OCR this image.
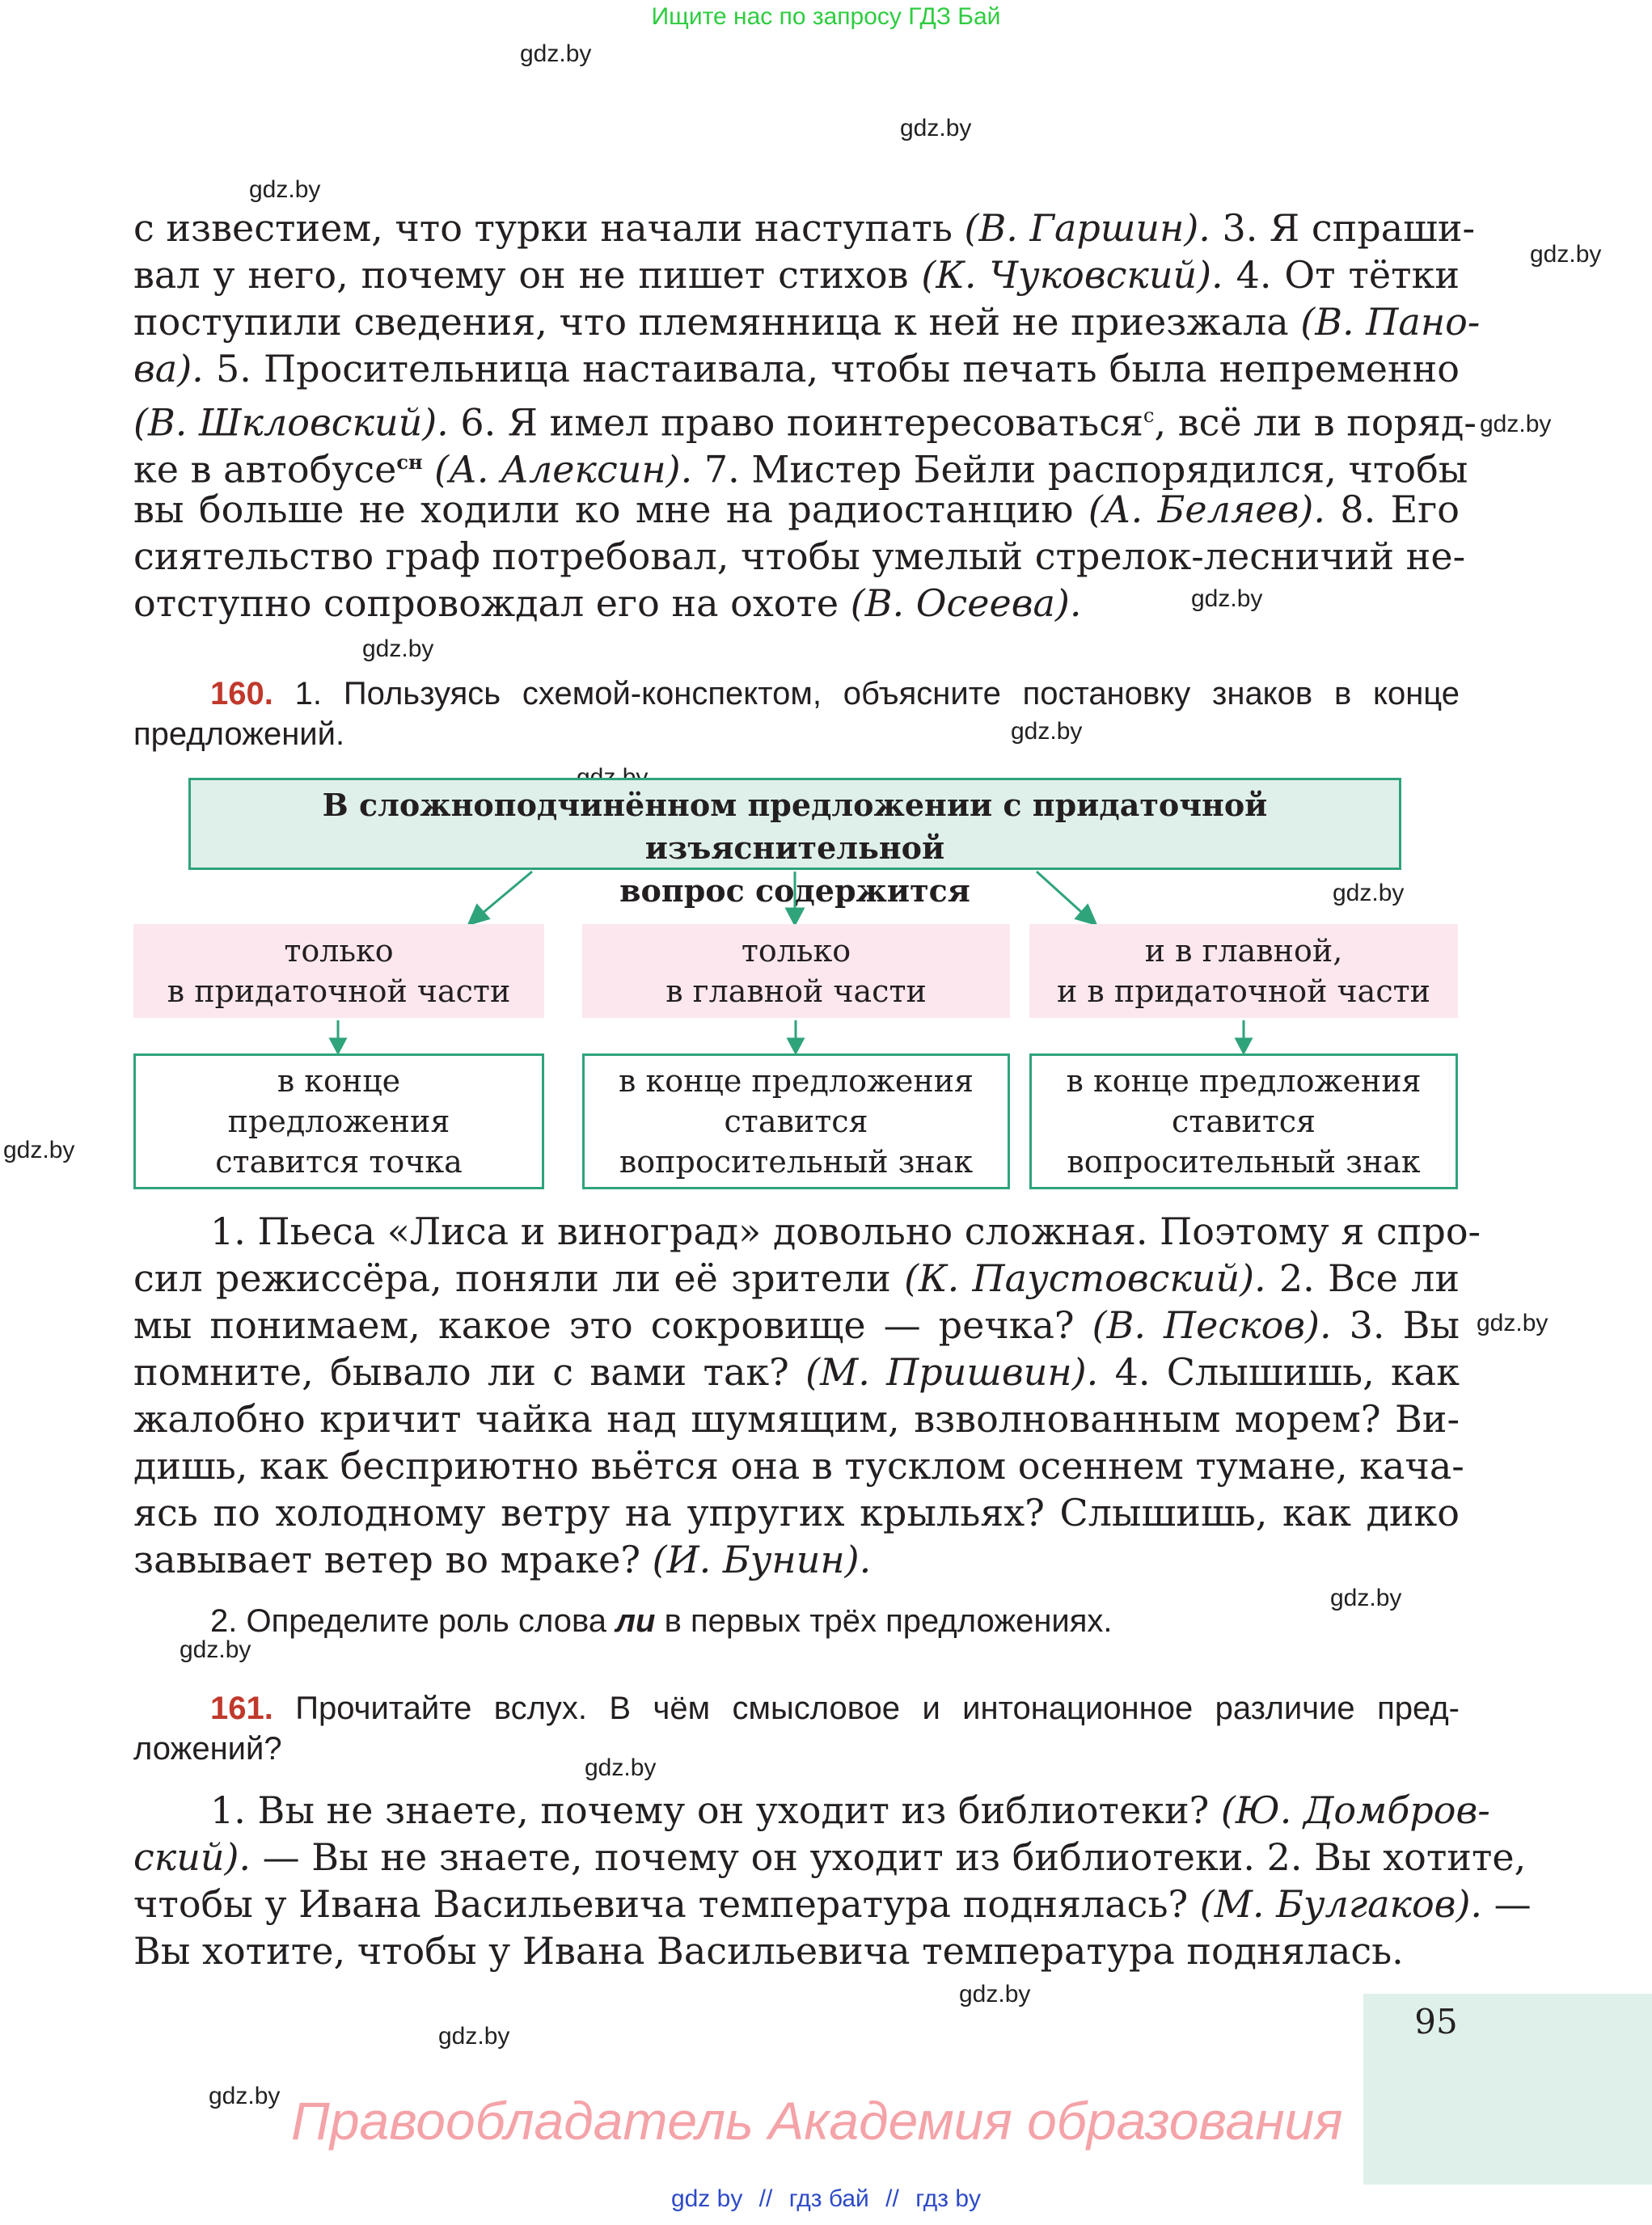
Ищите нас по запросу ГДЗ Бай
gdz.by
gdz.by
gdz.by
gdz.by
gdz.by
gdz.by
gdz.by
gdz.by
gdz.by
gdz.by
gdz.by
gdz.by
gdz.by
gdz.by
gdz.by
gdz.by
gdz.by
с известием, что турки начали наступать (В. Гаршин). 3. Я спраши-
вал у него, почему он не пишет стихов (К. Чуковский). 4. От тётки
поступили сведения, что племянница к ней не приезжала (В. Пано-
ва). 5. Просительница настаивала, чтобы печать была непременно
(В. Шкловский). 6. Я имел право поинтересоваться$^с$, всё ли в поряд-
ке в автобусе$^{сн}$ (А. Алексин). 7. Мистер Бейли распорядился, чтобы
вы больше не ходили ко мне на радиостанцию (А. Беляев). 8. Его
сиятельство граф потребовал, чтобы умелый стрелок-лесничий не-
отступно сопровождал его на охоте (В. Осеева).
160. 1. Пользуясь схемой-конспектом, объясните постановку знаков в конце
предложений.
В сложноподчинённом предложении с придаточной изъяснительной
вопрос содержится
только
в придаточной части
только
в главной части
и в главной,
и в придаточной части
в конце
предложения
ставится точка
в конце предложения
ставится
вопросительный знак
в конце предложения
ставится
вопросительный знак
1. Пьеса «Лиса и виноград» довольно сложная. Поэтому я спро-
сил режиссёра, поняли ли её зрители (К. Паустовский). 2. Все ли
мы понимаем, какое это сокровище — речка? (В. Песков). 3. Вы
помните, бывало ли с вами так? (М. Пришвин). 4. Слышишь, как
жалобно кричит чайка над шумящим, взволнованным морем? Ви-
дишь, как бесприютно вьётся она в тусклом осеннем тумане, кача-
ясь по холодному ветру на упругих крыльях? Слышишь, как дико
завывает ветер во мраке? (И. Бунин).
2. Определите роль слова ли в первых трёх предложениях.
161. Прочитайте вслух. В чём смысловое и интонационное различие пред-
ложений?
1. Вы не знаете, почему он уходит из библиотеки? (Ю. Домбров-
ский). — Вы не знаете, почему он уходит из библиотеки. 2. Вы хотите,
чтобы у Ивана Васильевича температура поднялась? (М. Булгаков). —
Вы хотите, чтобы у Ивана Васильевича температура поднялась.
95
Правообладатель Академия образования
gdz by // гдз бай // гдз by
